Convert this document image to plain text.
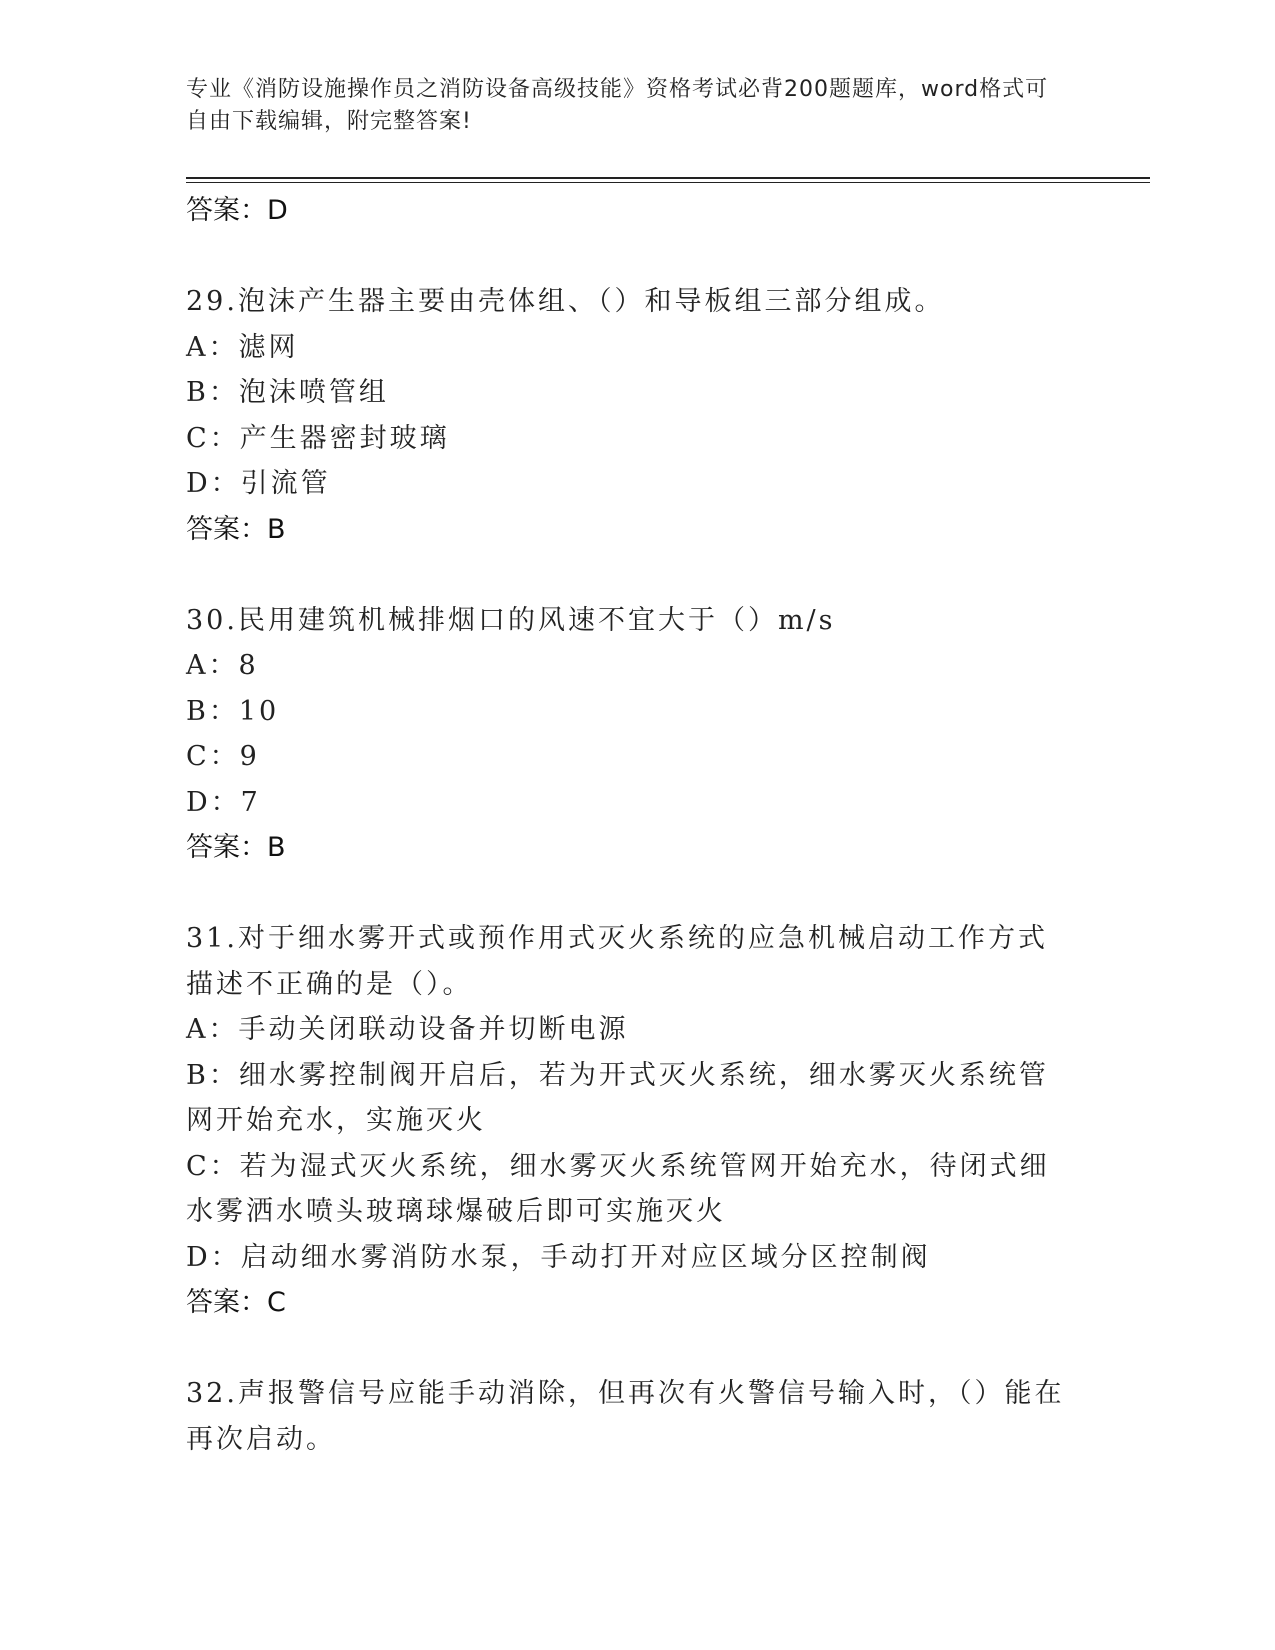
专业《消防设施操作员之消防设备高级技能》资格考试必背200题题库，word格式可自由下载编辑，附完整答案!
答案：D
29.泡沫产生器主要由壳体组、（）和导板组三部分组成。
A：滤网
B：泡沫喷管组
C：产生器密封玻璃
D：引流管
答案：B
30.民用建筑机械排烟口的风速不宜大于（）m/s
A：8
B：10
C：9
D：7
答案：B
31.对于细水雾开式或预作用式灭火系统的应急机械启动工作方式描述不正确的是（）。
A：手动关闭联动设备并切断电源
B：细水雾控制阀开启后，若为开式灭火系统，细水雾灭火系统管网开始充水，实施灭火
C：若为湿式灭火系统，细水雾灭火系统管网开始充水，待闭式细水雾洒水喷头玻璃球爆破后即可实施灭火
D：启动细水雾消防水泵，手动打开对应区域分区控制阀
答案：C
32.声报警信号应能手动消除，但再次有火警信号输入时，（）能在再次启动。
